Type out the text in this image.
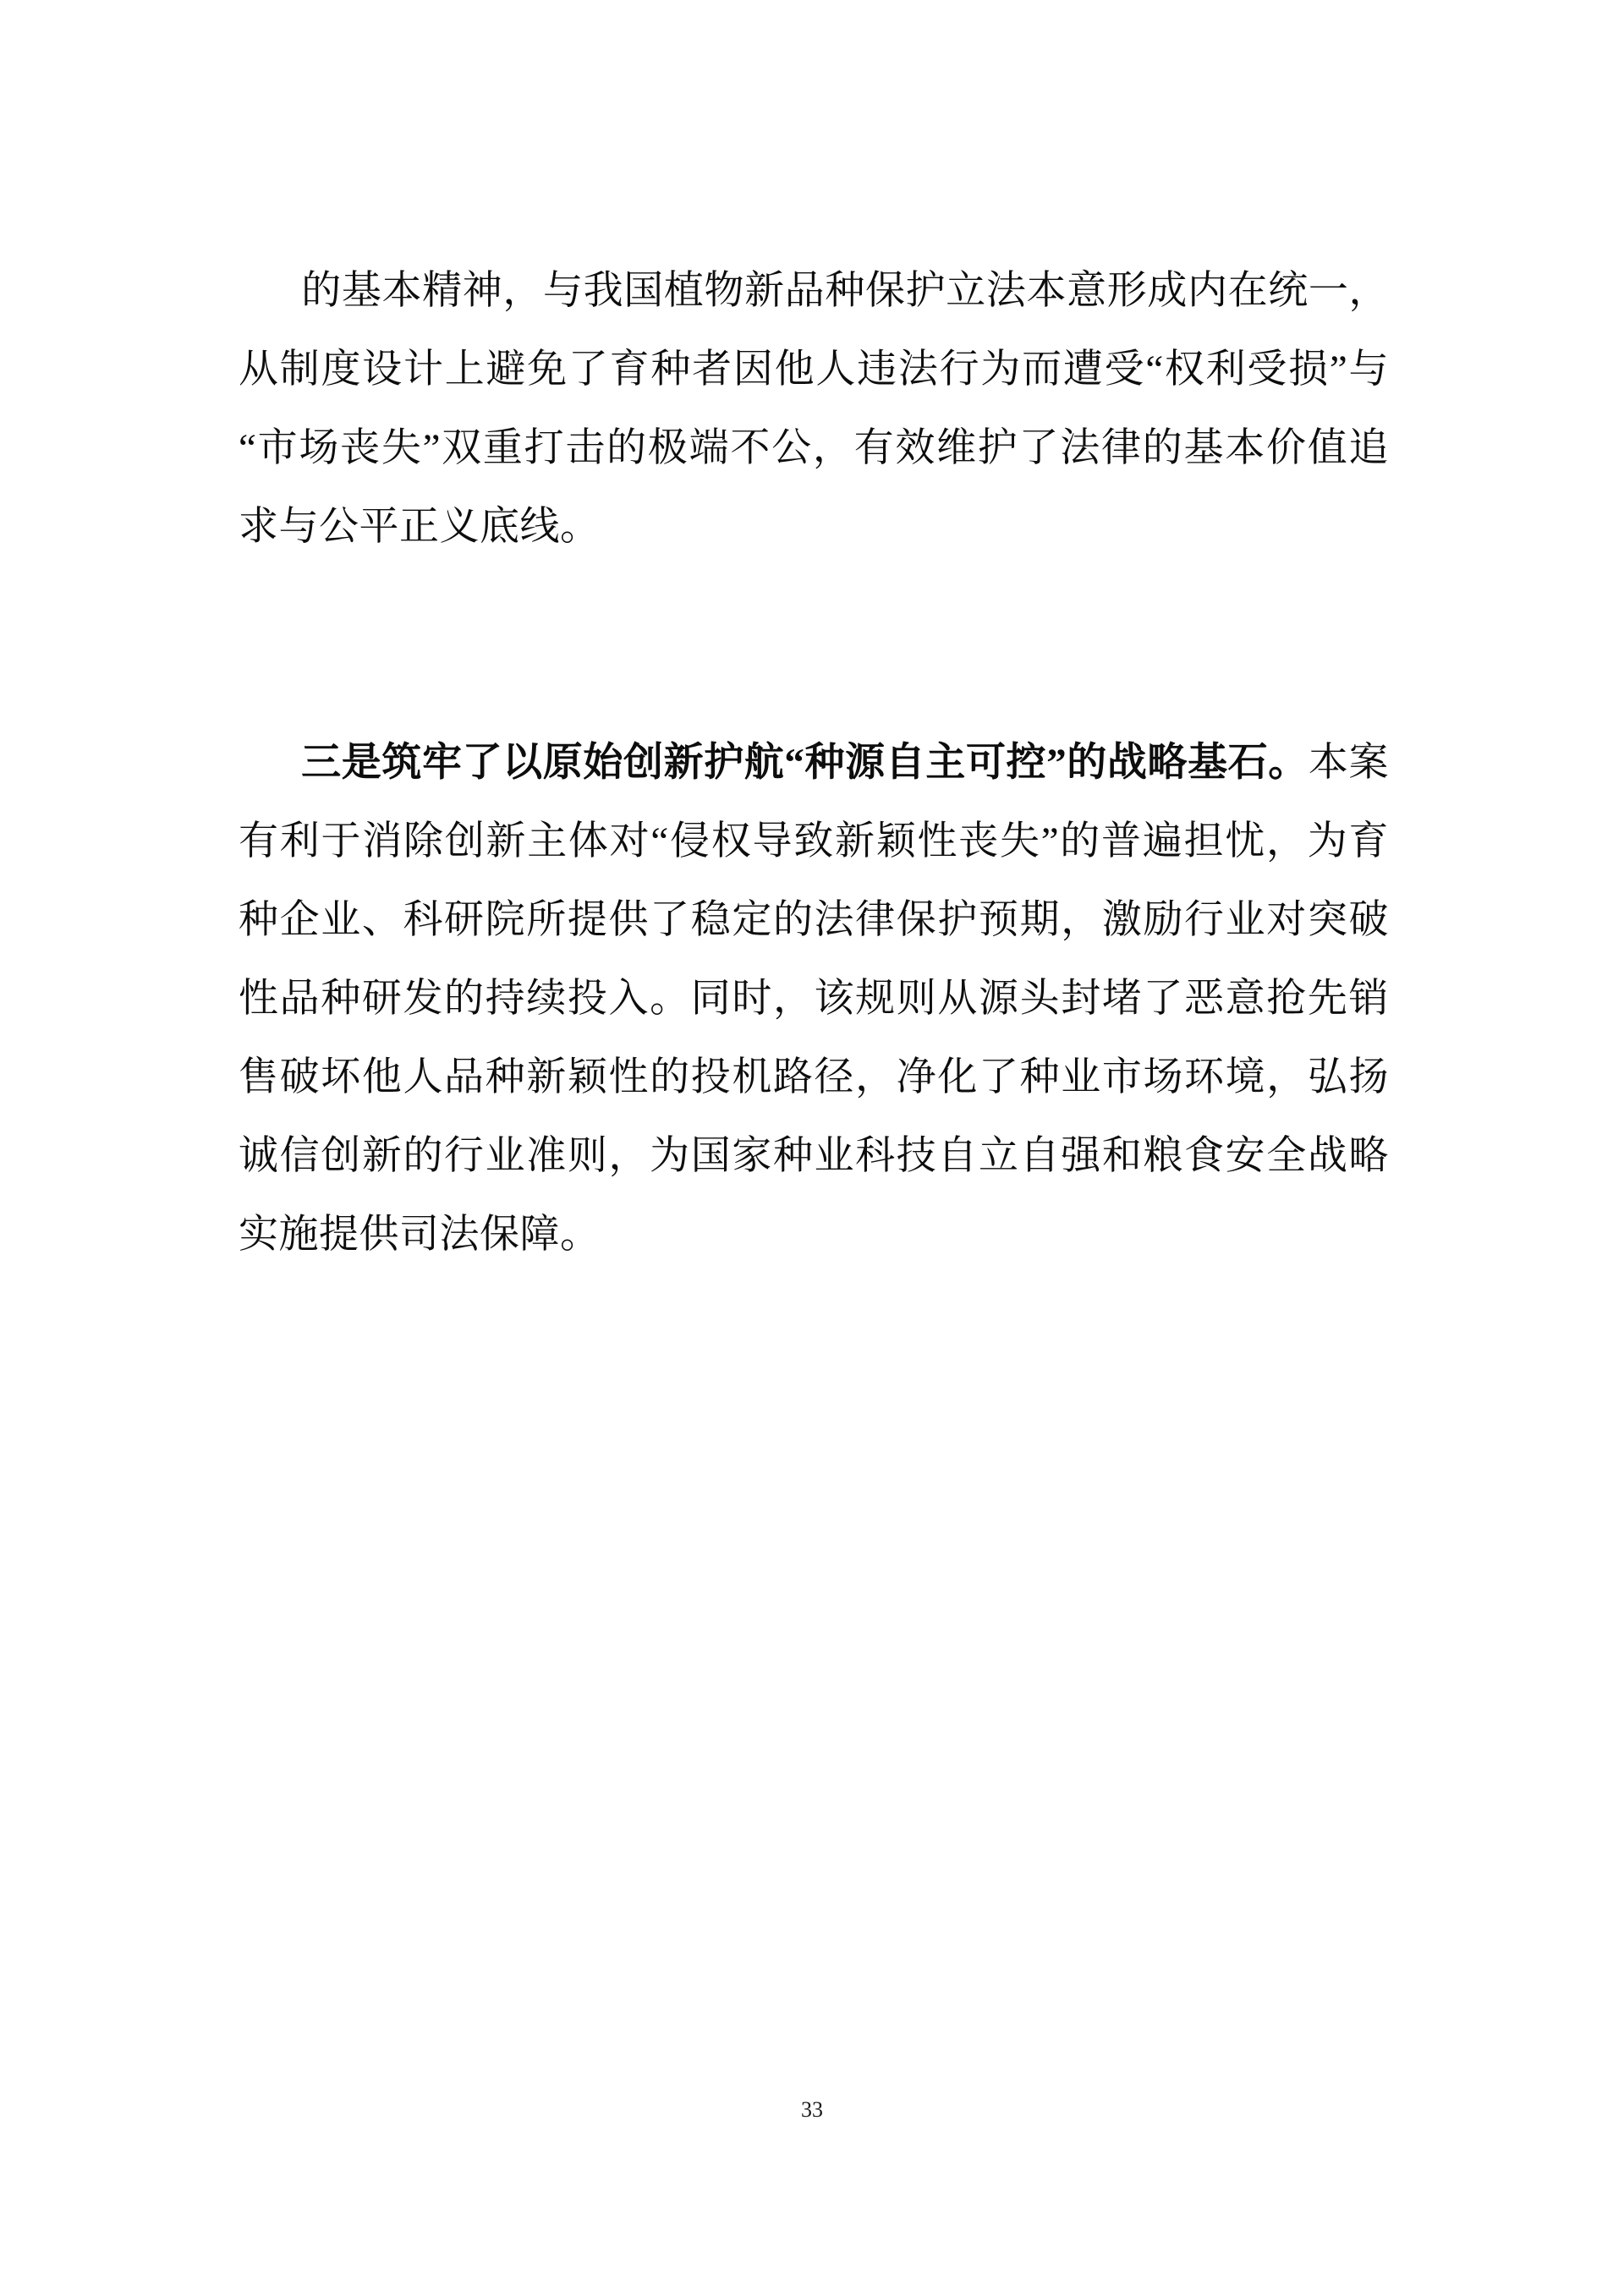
的基本精神，与我国植物新品种保护立法本意形成内在统一，从制度设计上避免了育种者因他人违法行为而遭受“权利受损”与“市场丧失”双重打击的极端不公，有效维护了法律的基本价值追求与公平正义底线。

三是筑牢了以原始创新护航“种源自主可控”的战略基石。本案有利于消除创新主体对“侵权导致新颖性丧失”的普遍担忧，为育种企业、科研院所提供了稳定的法律保护预期，激励行业对突破性品种研发的持续投入。同时，该规则从源头封堵了恶意抢先销售破坏他人品种新颖性的投机路径，净化了种业市场环境，弘扬诚信创新的行业准则，为国家种业科技自立自强和粮食安全战略实施提供司法保障。

33
